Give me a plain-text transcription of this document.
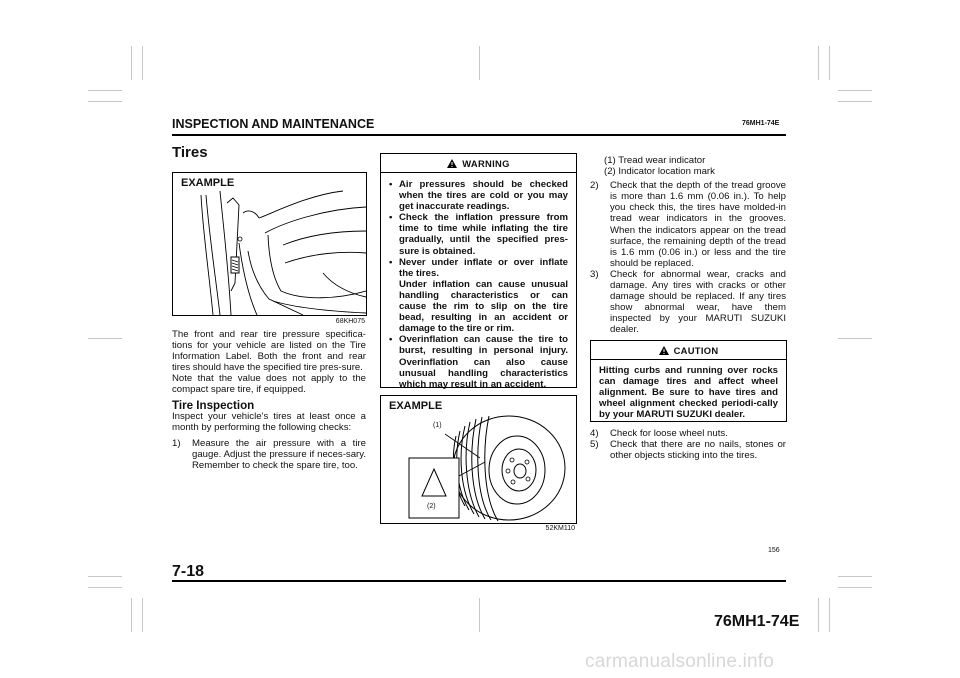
INSPECTION AND MAINTENANCE	76MH1-74E
Tires
EXAMPLE
68KH075

The front and rear tire pressure specifica-tions for your vehicle are listed on the Tire Information Label. Both the front and rear tires should have the specified tire pres-sure.

Note that the value does not apply to the compact spare tire, if equipped.

Tire Inspection

Inspect your vehicle’s tires at least once a month by performing the following checks:

1) Measure the air pressure with a tire gauge. Adjust the pressure if neces-sary. Remember to check the spare tire, too.
WARNING
• Air pressures should be checked when the tires are cold or you may get inaccurate readings.
• Check the inflation pressure from time to time while inflating the tire gradually, until the specified pres-sure is obtained.
• Never under inflate or over inflate the tires.
Under inflation can cause unusual handling characteristics or can cause the rim to slip on the tire bead, resulting in an accident or damage to the tire or rim.
• Overinflation can cause the tire to burst, resulting in personal injury. Overinflation can also cause unusual handling characteristics which may result in an accident.
EXAMPLE
(1)
(2)
52KM110
(1) Tread wear indicator
(2) Indicator location mark
2) Check that the depth of the tread groove is more than 1.6 mm (0.06 in.). To help you check this, the tires have molded-in tread wear indicators in the grooves. When the indicators appear on the tread surface, the remaining depth of the tread is 1.6 mm (0.06 in.) or less and the tire should be replaced.
3) Check for abnormal wear, cracks and damage. Any tires with cracks or other damage should be replaced. If any tires show abnormal wear, have them inspected by your MARUTI SUZUKI dealer.
CAUTION
Hitting curbs and running over rocks can damage tires and affect wheel alignment. Be sure to have tires and wheel alignment checked periodi-cally by your MARUTI SUZUKI dealer.
4) Check for loose wheel nuts.
5) Check that there are no nails, stones or other objects sticking into the tires.
156
7-18
76MH1-74E
carmanualsonline.info
